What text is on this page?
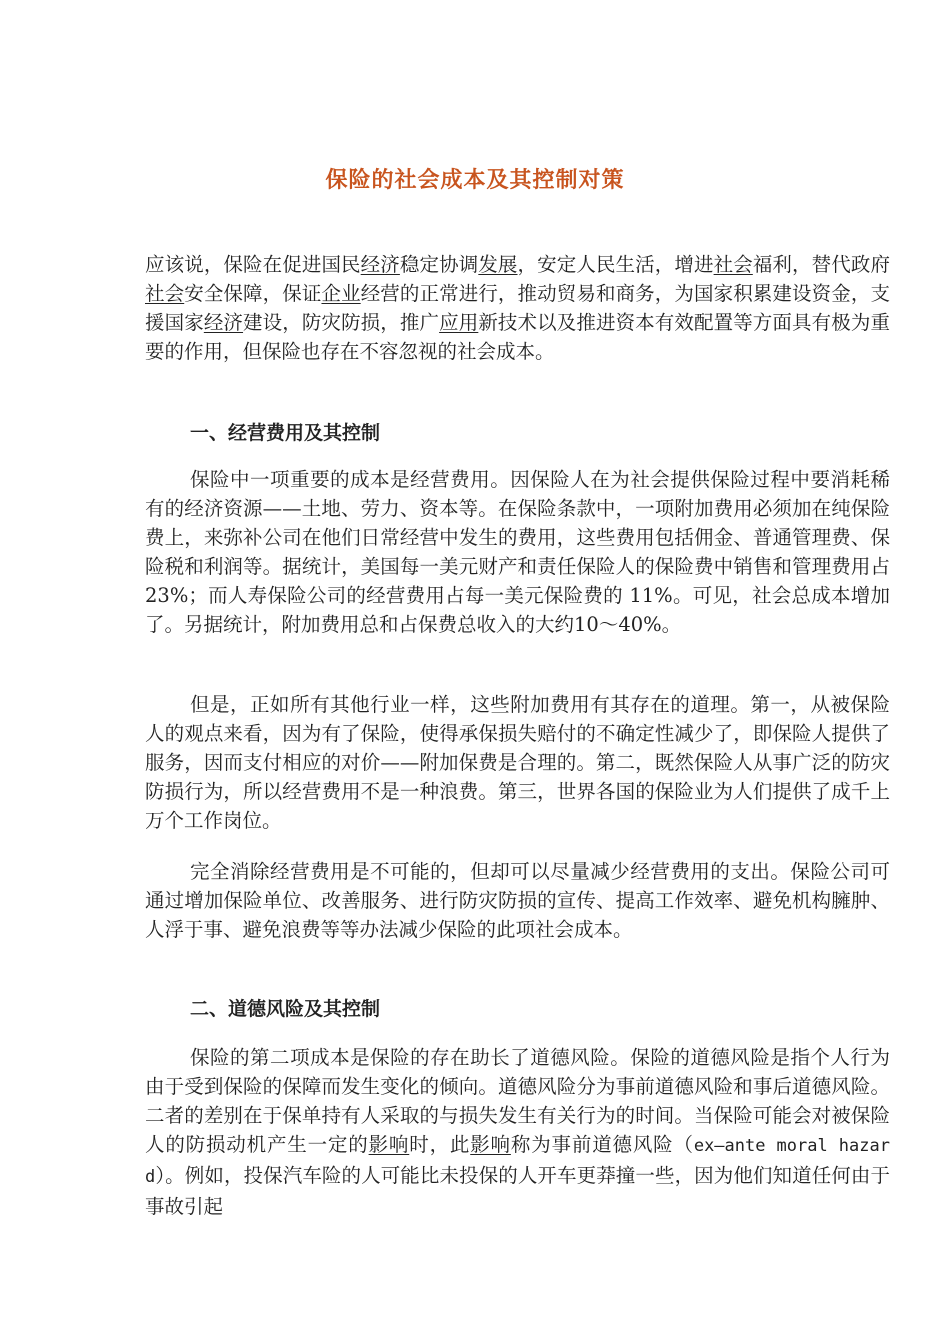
保险的社会成本及其控制对策

应该说，保险在促进国民经济稳定协调发展，安定人民生活，增进社会福利，替代政府社会安全保障，保证企业经营的正常进行，推动贸易和商务，为国家积累建设资金，支援国家经济建设，防灾防损，推广应用新技术以及推进资本有效配置等方面具有极为重要的作用，但保险也存在不容忽视的社会成本。

一、经营费用及其控制

保险中一项重要的成本是经营费用。因保险人在为社会提供保险过程中要消耗稀有的经济资源——土地、劳力、资本等。在保险条款中，一项附加费用必须加在纯保险费上，来弥补公司在他们日常经营中发生的费用，这些费用包括佣金、普通管理费、保险税和利润等。据统计，美国每一美元财产和责任保险人的保险费中销售和管理费用占23%；而人寿保险公司的经营费用占每一美元保险费的 11%。可见，社会总成本增加了。另据统计，附加费用总和占保费总收入的大约10～40%。

但是，正如所有其他行业一样，这些附加费用有其存在的道理。第一，从被保险人的观点来看，因为有了保险，使得承保损失赔付的不确定性减少了，即保险人提供了服务，因而支付相应的对价——附加保费是合理的。第二，既然保险人从事广泛的防灾防损行为，所以经营费用不是一种浪费。第三，世界各国的保险业为人们提供了成千上万个工作岗位。

完全消除经营费用是不可能的，但却可以尽量减少经营费用的支出。保险公司可通过增加保险单位、改善服务、进行防灾防损的宣传、提高工作效率、避免机构臃肿、人浮于事、避免浪费等等办法减少保险的此项社会成本。

二、道德风险及其控制

保险的第二项成本是保险的存在助长了道德风险。保险的道德风险是指个人行为由于受到保险的保障而发生变化的倾向。道德风险分为事前道德风险和事后道德风险。二者的差别在于保单持有人采取的与损失发生有关行为的时间。当保险可能会对被保险人的防损动机产生一定的影响时，此影响称为事前道德风险（ex—ante moral hazard）。例如，投保汽车险的人可能比未投保的人开车更莽撞一些，因为他们知道任何由于事故引起
